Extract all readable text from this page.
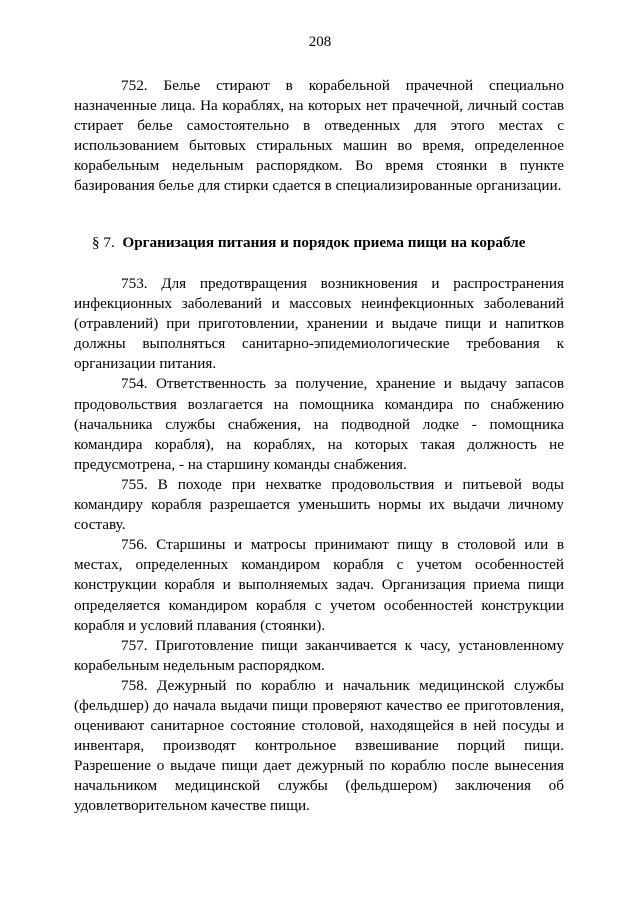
208

752. Белье стирают в корабельной прачечной специально назначенные лица. На кораблях, на которых нет прачечной, личный состав стирает белье самостоятельно в отведенных для этого местах с использованием бытовых стиральных машин во время, определенное корабельным недельным распорядком. Во время стоянки в пункте базирования белье для стирки сдается в специализированные организации.

§ 7. Организация питания и порядок приема пищи на корабле

753. Для предотвращения возникновения и распространения инфекционных заболеваний и массовых неинфекционных заболеваний (отравлений) при приготовлении, хранении и выдаче пищи и напитков должны выполняться санитарно-эпидемиологические требования к организации питания.

754. Ответственность за получение, хранение и выдачу запасов продовольствия возлагается на помощника командира по снабжению (начальника службы снабжения, на подводной лодке - помощника командира корабля), на кораблях, на которых такая должность не предусмотрена, - на старшину команды снабжения.

755. В походе при нехватке продовольствия и питьевой воды командиру корабля разрешается уменьшить нормы их выдачи личному составу.

756. Старшины и матросы принимают пищу в столовой или в местах, определенных командиром корабля с учетом особенностей конструкции корабля и выполняемых задач. Организация приема пищи определяется командиром корабля с учетом особенностей конструкции корабля и условий плавания (стоянки).

757. Приготовление пищи заканчивается к часу, установленному корабельным недельным распорядком.

758. Дежурный по кораблю и начальник медицинской службы (фельдшер) до начала выдачи пищи проверяют качество ее приготовления, оценивают санитарное состояние столовой, находящейся в ней посуды и инвентаря, производят контрольное взвешивание порций пищи. Разрешение о выдаче пищи дает дежурный по кораблю после вынесения начальником медицинской службы (фельдшером) заключения об удовлетворительном качестве пищи.
